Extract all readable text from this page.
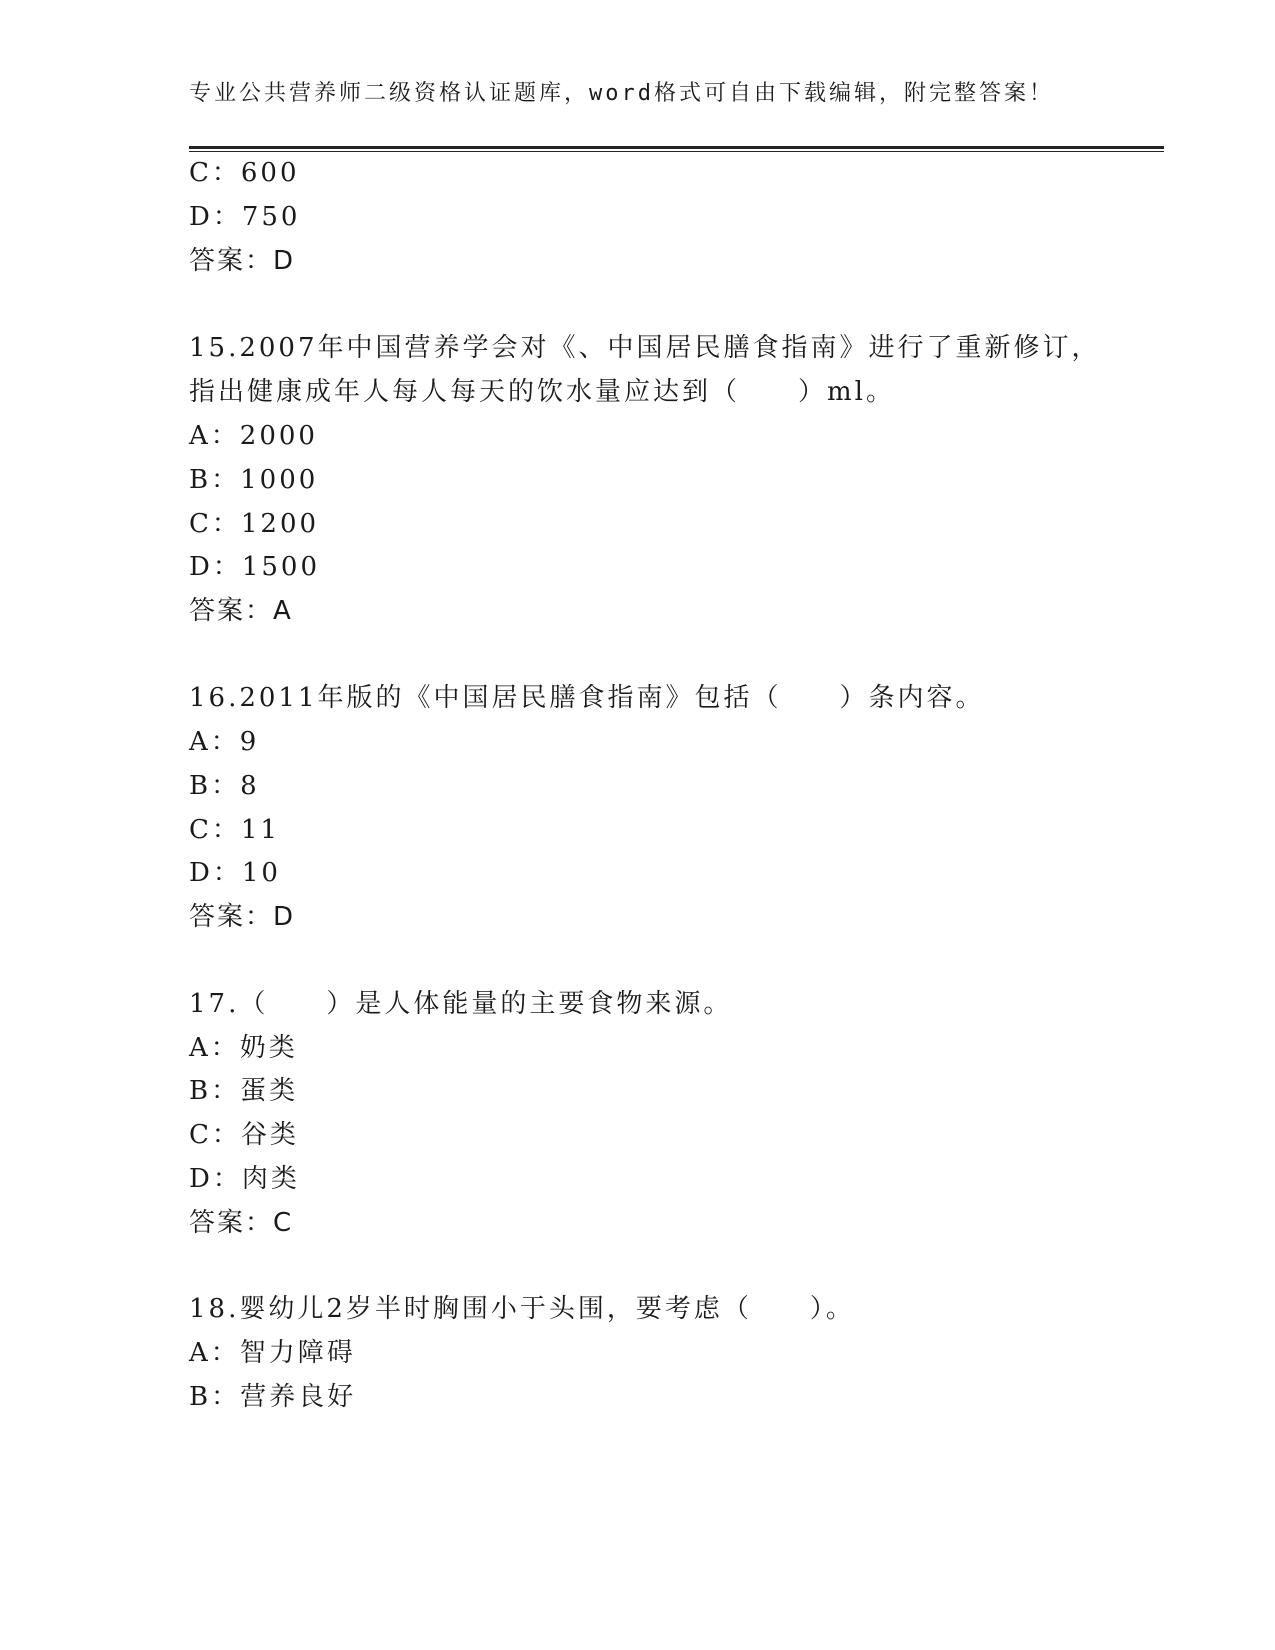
专业公共营养师二级资格认证题库，word格式可自由下载编辑，附完整答案！
C：600
D：750
答案：D
15.2007年中国营养学会对《、中国居民膳食指南》进行了重新修订，
指出健康成年人每人每天的饮水量应达到（　　）ml。
A：2000
B：1000
C：1200
D：1500
答案：A
16.2011年版的《中国居民膳食指南》包括（　　）条内容。
A：9
B：8
C：11
D：10
答案：D
17.（　　）是人体能量的主要食物来源。
A：奶类
B：蛋类
C：谷类
D：肉类
答案：C
18.婴幼儿2岁半时胸围小于头围，要考虑（　　）。
A：智力障碍
B：营养良好
